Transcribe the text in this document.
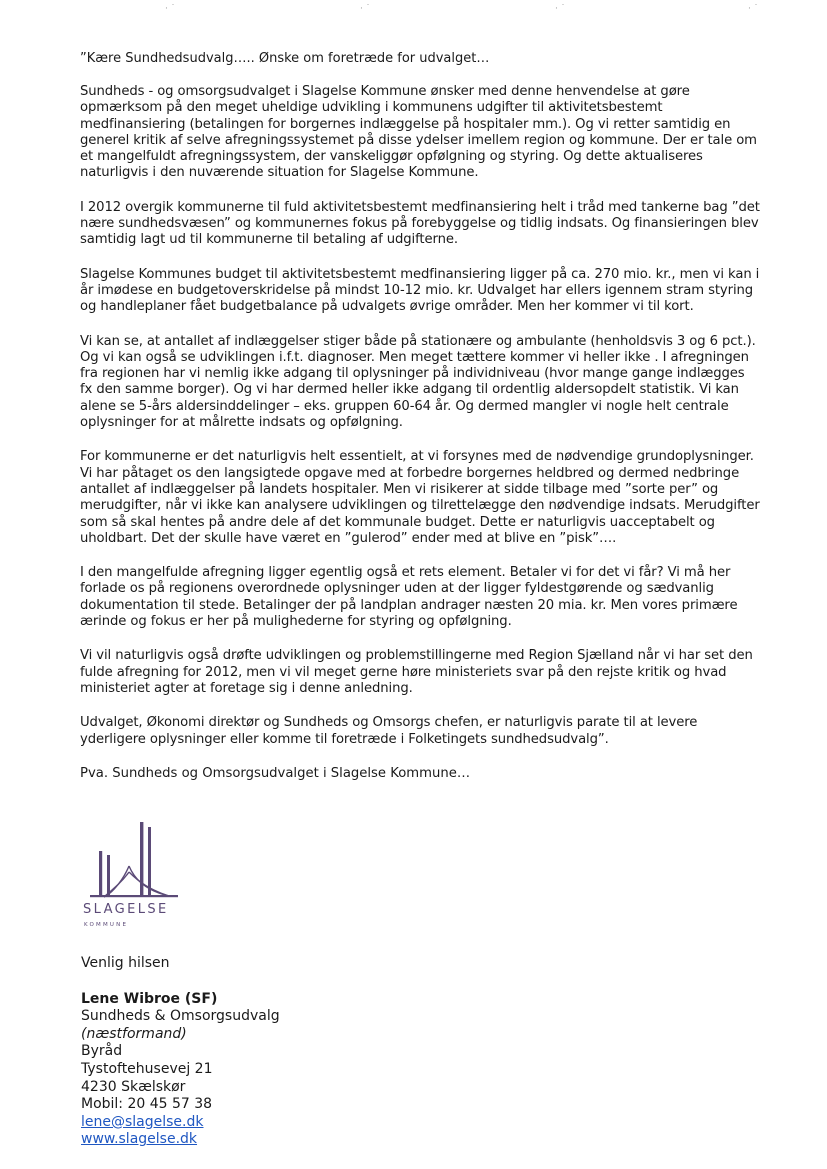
· ˙	· ˙	· ˙	· ˙

”Kære Sundhedsudvalg….. Ønske om foretræde for udvalget…

Sundheds - og omsorgsudvalget i Slagelse Kommune ønsker med denne henvendelse at gøre opmærksom på den meget uheldige udvikling i kommunens udgifter til aktivitetsbestemt medfinansiering (betalingen for borgernes indlæggelse på hospitaler mm.). Og vi retter samtidig en generel kritik af selve afregningssystemet på disse ydelser imellem region og kommune. Der er tale om et mangelfuldt afregningssystem, der vanskeliggør opfølgning og styring. Og dette aktualiseres naturligvis i den nuværende situation for Slagelse Kommune.

I 2012 overgik kommunerne til fuld aktivitetsbestemt medfinansiering helt i tråd med tankerne bag ”det nære sundhedsvæsen” og kommunernes fokus på forebyggelse og tidlig indsats. Og finansieringen blev samtidig lagt ud til kommunerne til betaling af udgifterne.

Slagelse Kommunes budget til aktivitetsbestemt medfinansiering ligger på ca. 270 mio. kr., men vi kan i år imødese en budgetoverskridelse på mindst 10-12 mio. kr. Udvalget har ellers igennem stram styring og handleplaner fået budgetbalance på udvalgets øvrige områder. Men her kommer vi til kort.

Vi kan se, at antallet af indlæggelser stiger både på stationære og ambulante (henholdsvis 3 og 6 pct.). Og vi kan også se udviklingen i.f.t. diagnoser. Men meget tættere kommer vi heller ikke . I afregningen fra regionen har vi nemlig ikke adgang til oplysninger på individniveau (hvor mange gange indlægges fx den samme borger). Og vi har dermed heller ikke adgang til ordentlig aldersopdelt statistik. Vi kan alene se 5-års aldersinddelinger – eks. gruppen 60-64 år. Og dermed mangler vi nogle helt centrale oplysninger for at målrette indsats og opfølgning.

For kommunerne er det naturligvis helt essentielt, at vi forsynes med de nødvendige grundoplysninger. Vi har påtaget os den langsigtede opgave med at forbedre borgernes heldbred og dermed nedbringe antallet af indlæggelser på landets hospitaler. Men vi risikerer at sidde tilbage med ”sorte per” og merudgifter, når vi ikke kan analysere udviklingen og tilrettelægge den nødvendige indsats. Merudgifter som så skal hentes på andre dele af det kommunale budget. Dette er naturligvis uacceptabelt og uholdbart. Det der skulle have været en ”gulerod” ender med at blive en ”pisk”….

I den mangelfulde afregning ligger egentlig også et rets element. Betaler vi for det vi får? Vi må her forlade os på regionens overordnede oplysninger uden at der ligger fyldestgørende og sædvanlig dokumentation til stede. Betalinger der på landplan andrager næsten 20 mia. kr. Men vores primære ærinde og fokus er her på mulighederne for styring og opfølgning.

Vi vil naturligvis også drøfte udviklingen og problemstillingerne med Region Sjælland når vi har set den fulde afregning for 2012, men vi vil meget gerne høre ministeriets svar på den rejste kritik og hvad ministeriet agter at foretage sig i denne anledning.

Udvalget, Økonomi direktør og Sundheds og Omsorgs chefen, er naturligvis parate til at levere yderligere oplysninger eller komme til foretræde i Folketingets sundhedsudvalg”.

Pva. Sundheds og Omsorgsudvalget i Slagelse Kommune…

SLAGELSE
KOMMUNE

Venlig hilsen

Lene Wibroe (SF)

Sundheds & Omsorgsudvalg

(næstformand)

Byråd

Tystoftehusevej 21

4230 Skælskør

Mobil: 20 45 57 38

lene@slagelse.dk
www.slagelse.dk
